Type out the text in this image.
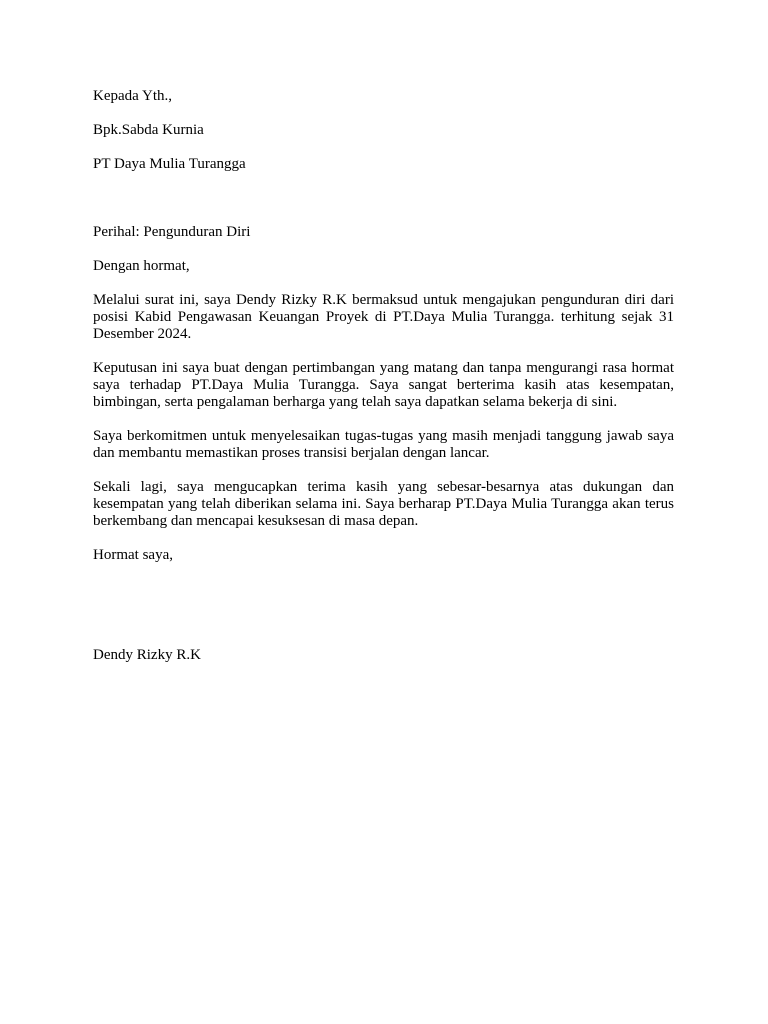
Kepada Yth.,

Bpk.Sabda Kurnia

PT Daya Mulia Turangga

Perihal: Pengunduran Diri

Dengan hormat,

Melalui surat ini, saya Dendy Rizky R.K bermaksud untuk mengajukan pengunduran diri dari posisi Kabid Pengawasan Keuangan Proyek di PT.Daya Mulia Turangga. terhitung sejak 31 Desember 2024.

Keputusan ini saya buat dengan pertimbangan yang matang dan tanpa mengurangi rasa hormat saya terhadap PT.Daya Mulia Turangga. Saya sangat berterima kasih atas kesempatan, bimbingan, serta pengalaman berharga yang telah saya dapatkan selama bekerja di sini.

Saya berkomitmen untuk menyelesaikan tugas-tugas yang masih menjadi tanggung jawab saya dan membantu memastikan proses transisi berjalan dengan lancar.

Sekali lagi, saya mengucapkan terima kasih yang sebesar-besarnya atas dukungan dan kesempatan yang telah diberikan selama ini. Saya berharap PT.Daya Mulia Turangga akan terus berkembang dan mencapai kesuksesan di masa depan.

Hormat saya,

Dendy Rizky R.K
